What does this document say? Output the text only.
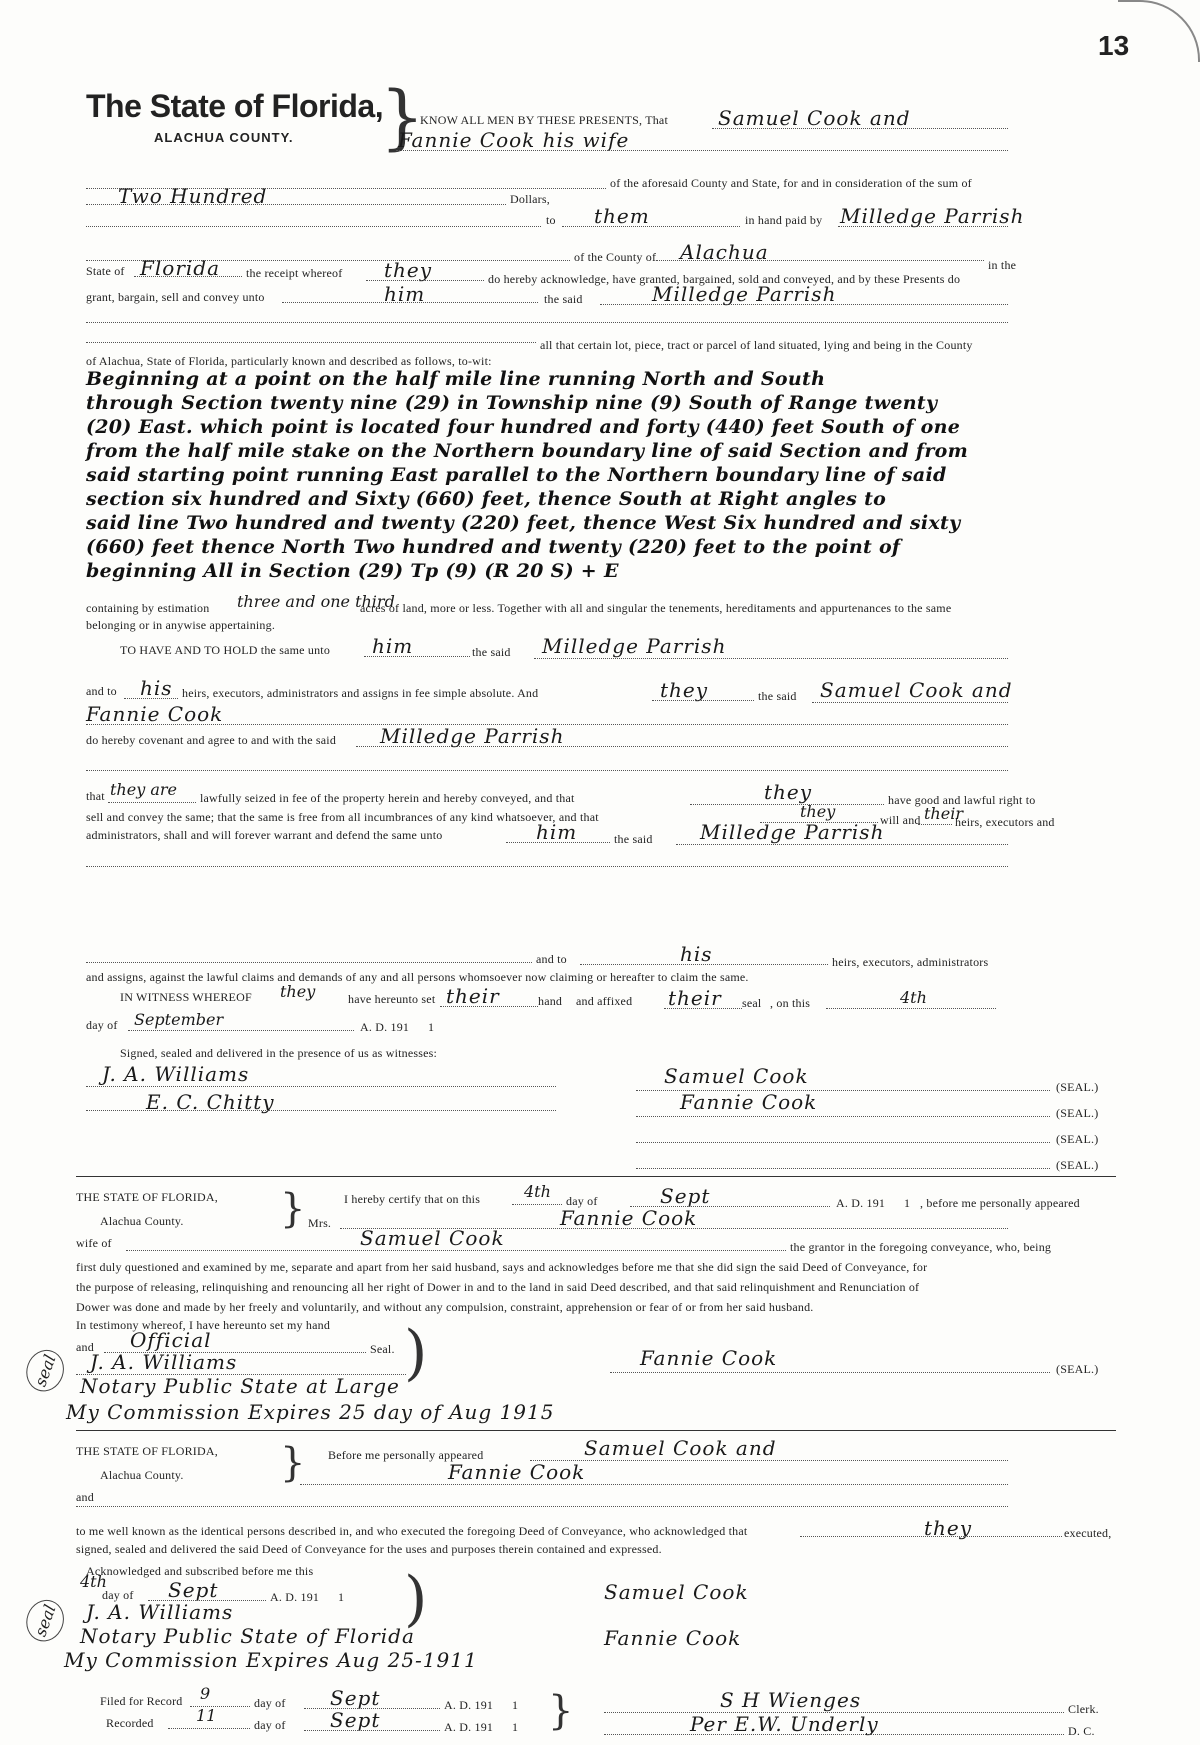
13
The State of Florida,
ALACHUA COUNTY. }
KNOW ALL MEN BY THESE PRESENTS, That	Samuel Cook and
Fannie Cook his wife
of the aforesaid County and State, for and in consideration of the sum of
Two Hundred	Dollars,
to them	in hand paid by Milledge Parrish
of the County of Alachua
in the
State of Florida the receipt whereof they	do hereby acknowledge, have granted, bargained, sold and conveyed, and by these Presents do
grant, bargain, sell and convey unto	him	the said	Milledge Parrish
all that certain lot, piece, tract or parcel of land situated, lying and being in the County
of Alachua, State of Florida, particularly known and described as follows, to-wit:
Beginning at a point on the half mile line running North and South
through Section twenty nine (29) in Township nine (9) South of Range twenty
(20) East. which point is located four hundred and forty (440) feet South of one
from the half mile stake on the Northern boundary line of said Section and from
said starting point running East parallel to the Northern boundary line of said
section six hundred and Sixty (660) feet, thence South at Right angles to
said line Two hundred and twenty (220) feet, thence West Six hundred and sixty
(660) feet thence North Two hundred and twenty (220) feet to the point of
beginning All in Section (29) Tp (9) (R 20 S) + E
containing by estimation three and one third
acres of land, more or less. Together with all and singular the tenements, hereditaments and appurtenances to the same
belonging or in anywise appertaining.
TO HAVE AND TO HOLD the same unto him	the said Milledge Parrish
and to his heirs, executors, administrators and assigns in fee simple absolute. And	they	the said Samuel Cook and
Fannie Cook
do hereby covenant and agree to and with the said Milledge Parrish
that they are lawfully seized in fee of the property herein and hereby conveyed, and that	they	have good and lawful right to
sell and convey the same; that the same is free from all incumbrances of any kind whatsoever, and that	they	will and their
heirs, executors and
administrators, shall and will forever warrant and defend the same unto	him	the said Milledge Parrish
and to	his	heirs, executors, administrators
and assigns, against the lawful claims and demands of any and all persons whomsoever now claiming or hereafter to claim the same.
IN WITNESS WHEREOF they	have hereunto set their	hand and affixed their seal , on this	4th
day of September	A. D. 191 1
Signed, sealed and delivered in the presence of us as witnesses:
J. A. Williams
E. C. Chitty
Samuel Cook	(SEAL.)
Fannie Cook	(SEAL.)
(SEAL.)
(SEAL.)
THE STATE OF FLORIDA,
Alachua County. }	I hereby certify that on this	4th day of	Sept	A. D. 191 1 , before me personally appeared
Mrs.	Fannie Cook
wife of	Samuel Cook	the grantor in the foregoing conveyance, who, being
first duly questioned and examined by me, separate and apart from her said husband, says and acknowledges before me that she did sign the said Deed of Conveyance, for
the purpose of releasing, relinquishing and renouncing all her right of Dower in and to the land in said Deed described, and that said relinquishment and Renunciation of
Dower was done and made by her freely and voluntarily, and without any compulsion, constraint, apprehension or fear of or from her said husband.
In testimony whereof, I have hereunto set my hand
and Official	Seal. )
J. A. Williams
Notary Public State at Large
My Commission Expires 25 day of Aug 1915
seal	Fannie Cook	(SEAL.)
THE STATE OF FLORIDA,
Alachua County. } Before me personally appeared	Samuel Cook and
Fannie Cook
and
to me well known as the identical persons described in, and who executed the foregoing Deed of Conveyance, who acknowledged that	they	executed,
signed, sealed and delivered the said Deed of Conveyance for the uses and purposes therein contained and expressed.
Acknowledged and subscribed before me this
4th
day of Sept	A. D. 191 1 )
J. A. Williams
Notary Public State of Florida
My Commission Expires Aug 25-1911
seal
Samuel Cook
Fannie Cook
Filed for Record 9	day of Sept	A. D. 191 1
Recorded	11	day of Sept	A. D. 191 1 }	S H Wienges	Clerk.
Per E.W. Underly	D. C.
